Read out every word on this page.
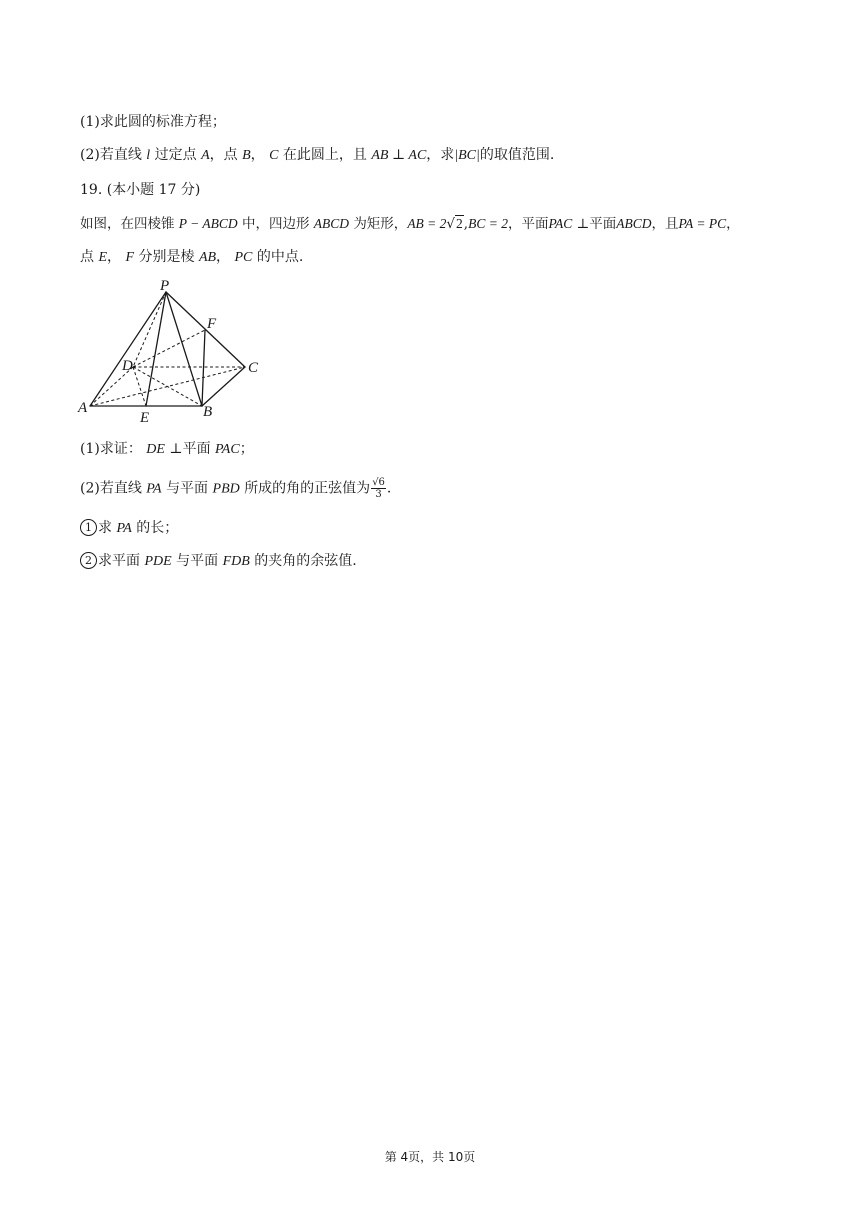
(1)求此圆的标准方程；
(2)若直线 l 过定点 A，点 B， C 在此圆上，且 AB ⊥ AC，求|BC|的取值范围.
19. (本小题 17 分)
如图，在四棱锥 P − ABCD 中，四边形 ABCD 为矩形，AB = 2√2,BC = 2，平面PAC ⊥平面ABCD，且PA = PC，
点 E， F 分别是棱 AB， PC 的中点.
P
F
D	C
A
E	B
(1)求证： DE ⊥平面 PAC；
(2)若直线 PA 与平面 PBD 所成的角的正弦值为 $\frac{√6}{3}$ .
1 求 PA 的长；
2 求平面 PDE 与平面 FDB 的夹角的余弦值.
第 4页，共 10页
